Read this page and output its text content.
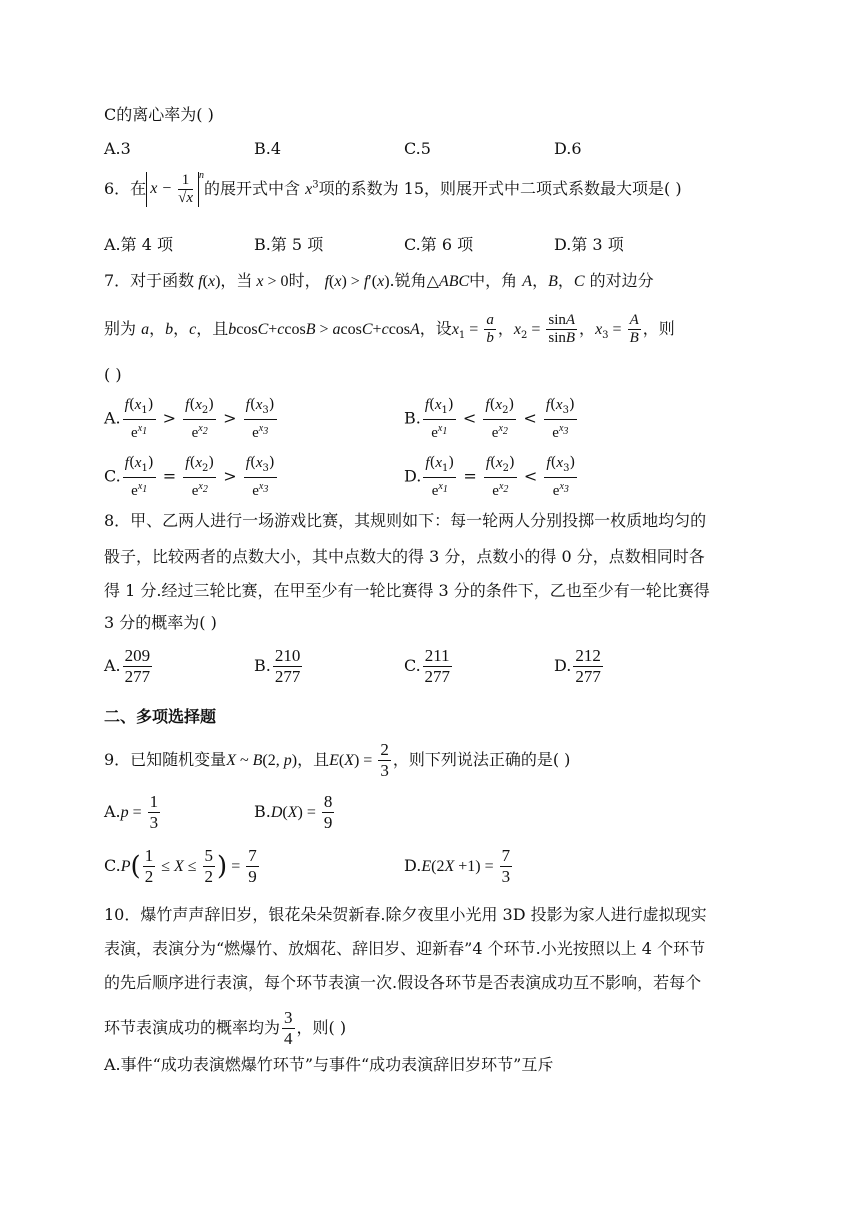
C的离心率为( )
A.3	B.4	C.5	D.6
6．在 $x - \frac{1}{√x} ^n$的展开式中含 $x^3$项的系数为 15，则展开式中二项式系数最大项是( )
A.第 4 项	B.第 5 项	C.第 6 项	D.第 3 项
7．对于函数 f(x)，当 x > 0时， f(x) > f′(x).锐角△ABC中，角 A，B，C 的对边分
别为 a，b，c，且bcosC+ccosB > acosC+ccosA，设$x_1 = \frac{a}{b}$ ，$x_2 = \frac{\sin A}{\sin B}$ ，$x_3 = \frac{A}{B}$ ，则
( )
A. $\frac{f(x_1)}{e^{x_1}} > \frac{f(x_2)}{e^{x_2}} > \frac{f(x_3)}{e^{x_3}}$	B. $\frac{f(x_1)}{e^{x_1}} < \frac{f(x_2)}{e^{x_2}} < \frac{f(x_3)}{e^{x_3}}$
C. $\frac{f(x_1)}{e^{x_1}} = \frac{f(x_2)}{e^{x_2}} > \frac{f(x_3)}{e^{x_3}}$	D. $\frac{f(x_1)}{e^{x_1}} = \frac{f(x_2)}{e^{x_2}} < \frac{f(x_3)}{e^{x_3}}$
8．甲、乙两人进行一场游戏比赛，其规则如下：每一轮两人分别投掷一枚质地均匀的
骰子，比较两者的点数大小，其中点数大的得 3 分，点数小的得 0 分，点数相同时各
得 1 分.经过三轮比赛，在甲至少有一轮比赛得 3 分的条件下，乙也至少有一轮比赛得
3 分的概率为( )
A. $\frac{209}{277}$	B. $\frac{210}{277}$	C. $\frac{211}{277}$	D. $\frac{212}{277}$
二、多项选择题
9．已知随机变量X ~ B(2, p)，且$E(X) = \frac{2}{3}$ ，则下列说法正确的是( )
$A.p = \frac{1}{3}$	$B.D(X) = \frac{8}{9}$
$C.P( \frac{1}{2} \le X \le \frac{5}{2}$ ) = $\frac{7}{9}$	$D.E(2X +1) = \frac{7}{3}$
10．爆竹声声辞旧岁，银花朵朵贺新春.除夕夜里小光用 3D 投影为家人进行虚拟现实
表演，表演分为“燃爆竹、放烟花、辞旧岁、迎新春”4 个环节.小光按照以上 4 个环节
的先后顺序进行表演，每个环节表演一次.假设各环节是否表演成功互不影响，若每个
环节表演成功的概率均为 $\frac{3}{4}$ ，则( )
A.事件“成功表演燃爆竹环节”与事件“成功表演辞旧岁环节”互斥
